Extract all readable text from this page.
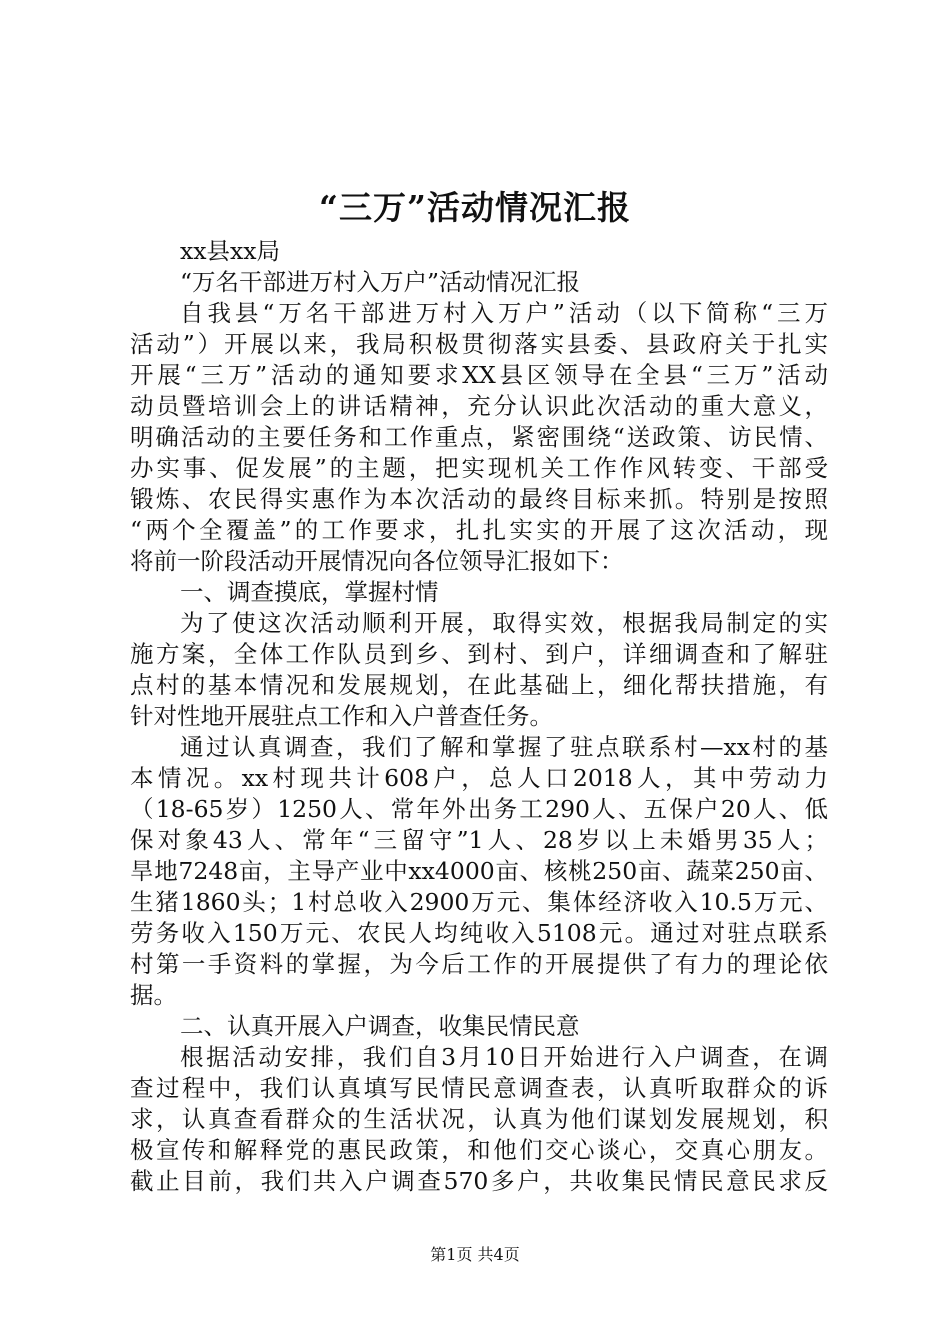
“三万”活动情况汇报
xx县xx局
“万名干部进万村入万户”活动情况汇报
自我县“万名干部进万村入万户”活动（以下简称“三万
活动”）开展以来，我局积极贯彻落实县委、县政府关于扎实
开展“三万”活动的通知要求XX县区领导在全县“三万”活动
动员暨培训会上的讲话精神，充分认识此次活动的重大意义，
明确活动的主要任务和工作重点，紧密围绕“送政策、访民情、
办实事、促发展”的主题，把实现机关工作作风转变、干部受
锻炼、农民得实惠作为本次活动的最终目标来抓。特别是按照
“两个全覆盖”的工作要求，扎扎实实的开展了这次活动，现
将前一阶段活动开展情况向各位领导汇报如下：
一、调查摸底，掌握村情
为了使这次活动顺利开展，取得实效，根据我局制定的实
施方案，全体工作队员到乡、到村、到户，详细调查和了解驻
点村的基本情况和发展规划，在此基础上，细化帮扶措施，有
针对性地开展驻点工作和入户普查任务。
通过认真调查，我们了解和掌握了驻点联系村—xx村的基
本情况。xx村现共计608户，总人口2018人，其中劳动力
（18-65岁）1250人、常年外出务工290人、五保户20人、低
保对象43人、常年“三留守”1人、28岁以上未婚男35人；
旱地7248亩，主导产业中xx4000亩、核桃250亩、蔬菜250亩、
生猪1860头；1村总收入2900万元、集体经济收入10.5万元、
劳务收入150万元、农民人均纯收入5108元。通过对驻点联系
村第一手资料的掌握，为今后工作的开展提供了有力的理论依
据。
二、认真开展入户调查，收集民情民意
根据活动安排，我们自3月10日开始进行入户调查，在调
查过程中，我们认真填写民情民意调查表，认真听取群众的诉
求，认真查看群众的生活状况，认真为他们谋划发展规划，积
极宣传和解释党的惠民政策，和他们交心谈心，交真心朋友。
截止目前，我们共入户调查570多户，共收集民情民意民求反
第1页 共4页
